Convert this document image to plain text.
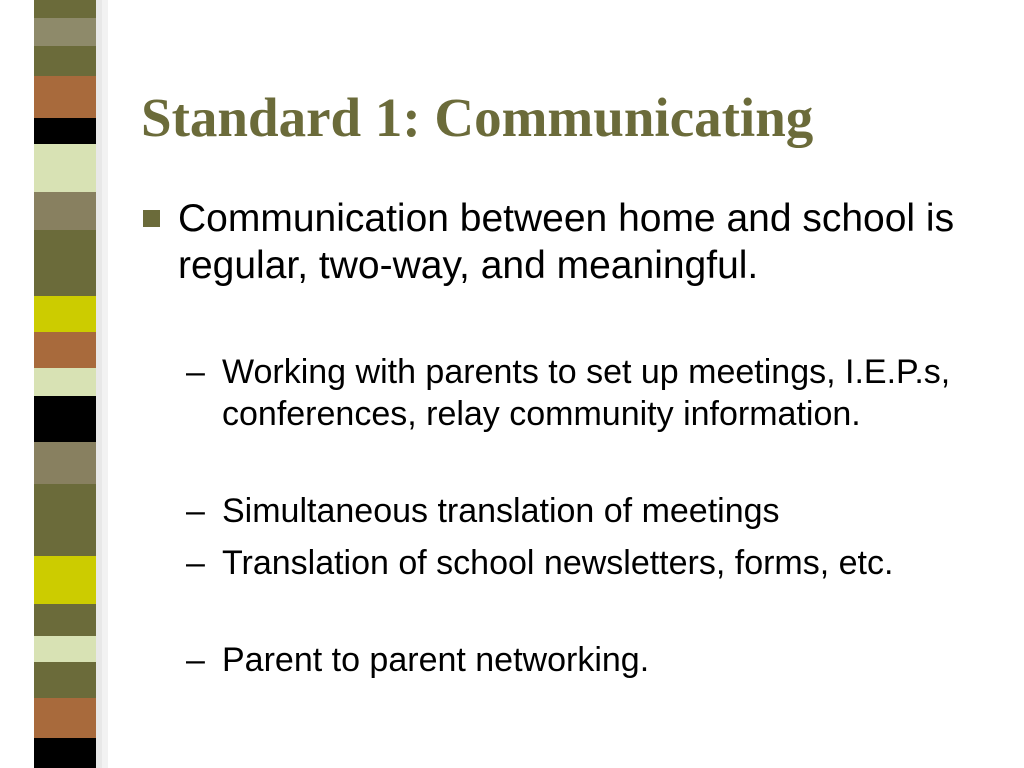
Standard 1: Communicating
Communication between home and school is regular, two-way, and meaningful.
– Working with parents to set up meetings, I.E.P.s, conferences, relay community information.
– Simultaneous translation of meetings
– Translation of school newsletters, forms, etc.
– Parent to parent networking.
